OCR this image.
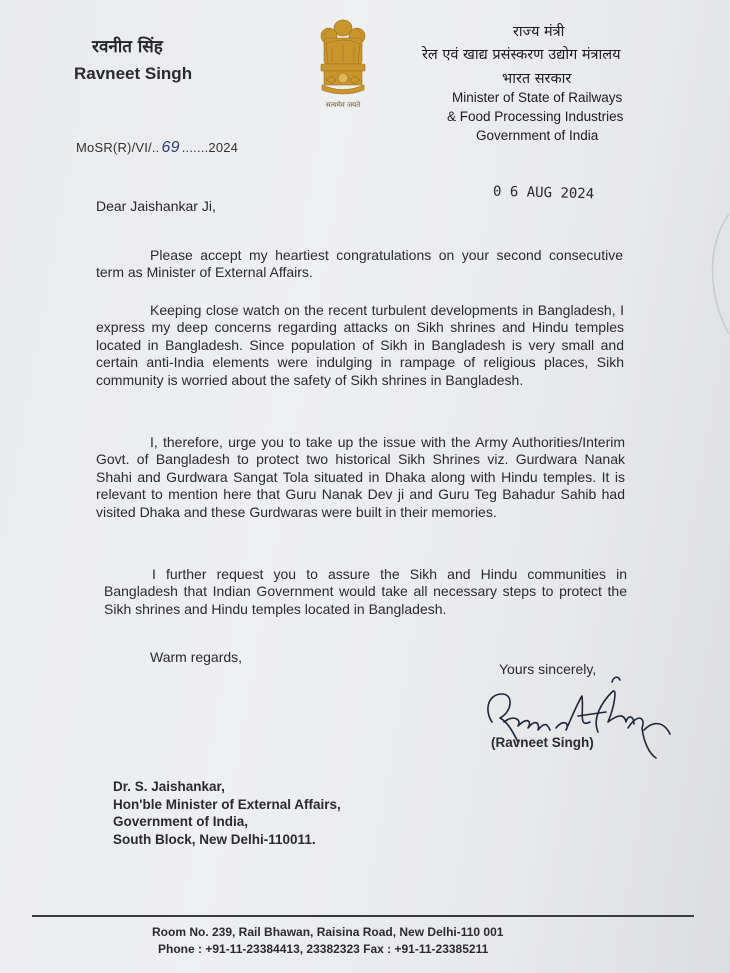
रवनीत सिंह
Ravneet Singh
सत्यमेव जयते
राज्य मंत्री
रेल एवं खाद्य प्रसंस्करण उद्योग मंत्रालय
भारत सरकार
Minister of State of Railways
& Food Processing Industries
Government of India
MoSR(R)/VI/.. 69 .......2024
0 6 AUG 2024
Dear Jaishankar Ji,
Please accept my heartiest congratulations on your second consecutive term as Minister of External Affairs.
Keeping close watch on the recent turbulent developments in Bangladesh, I express my deep concerns regarding attacks on Sikh shrines and Hindu temples located in Bangladesh. Since population of Sikh in Bangladesh is very small and certain anti-India elements were indulging in rampage of religious places, Sikh community is worried about the safety of Sikh shrines in Bangladesh.
I, therefore, urge you to take up the issue with the Army Authorities/Interim Govt. of Bangladesh to protect two historical Sikh Shrines viz. Gurdwara Nanak Shahi and Gurdwara Sangat Tola situated in Dhaka along with Hindu temples. It is relevant to mention here that Guru Nanak Dev ji and Guru Teg Bahadur Sahib had visited Dhaka and these Gurdwaras were built in their memories.
I further request you to assure the Sikh and Hindu communities in Bangladesh that Indian Government would take all necessary steps to protect the Sikh shrines and Hindu temples located in Bangladesh.
Warm regards,
Yours sincerely,
(Ravneet Singh)
Dr. S. Jaishankar,
Hon'ble Minister of External Affairs,
Government of India,
South Block, New Delhi-110011.
Room No. 239, Rail Bhawan, Raisina Road, New Delhi-110 001
Phone : +91-11-23384413, 23382323 Fax : +91-11-23385211
